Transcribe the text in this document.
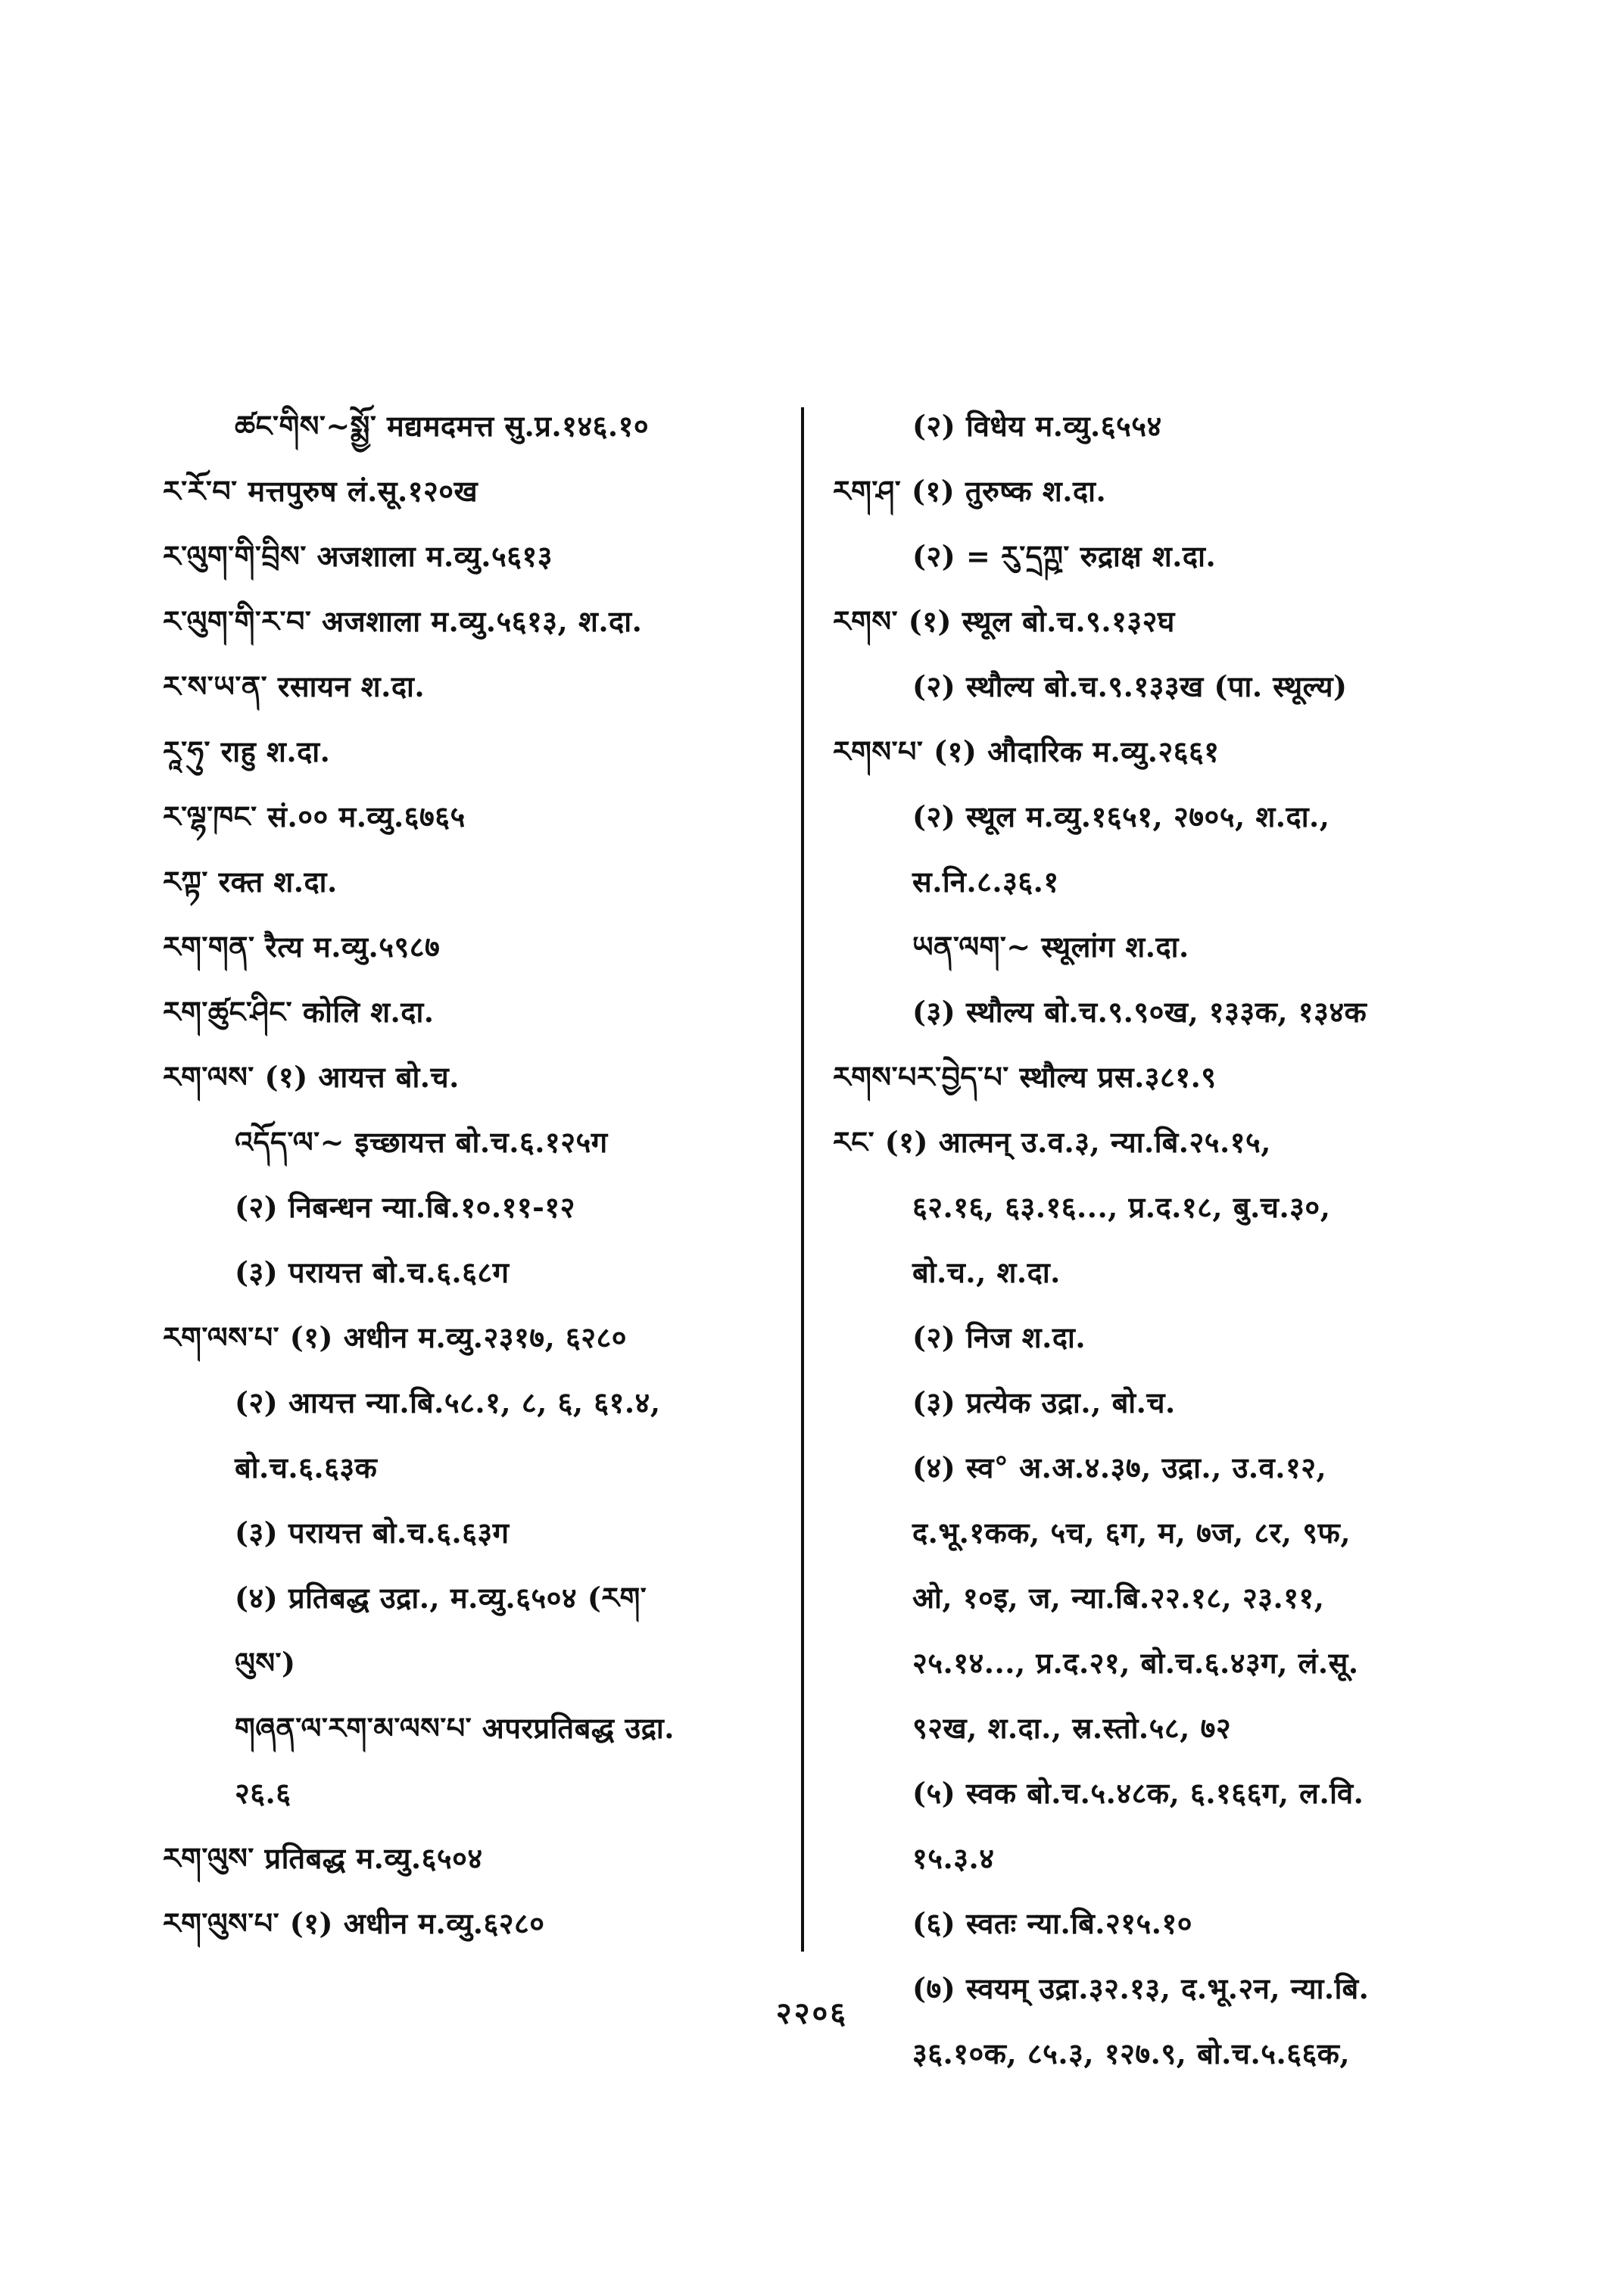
ཚང་གིས་~སྨྱོ་ मद्यमदमत्त सु.प्र.१४६.१०
ར་རོ་བ་ मत्तपुरुष लं.सू.१२०ख
ར་ལུག་གི་བྲིས་ अजशाला म.व्यु.५६१३
ར་ལུག་གི་ར་བ་ अजशाला म.व्यु.५६१३, श.दा.
ར་ས་ཡ་ན་ रसायन श.दा.
རཱ་ཧུ་ राहु श.दा.
ར་ལྷ་ཁང་ सं.०० म.व्यु.६७६५
རཀྟ་ रक्त श.दा.
རག་གན་ रैत्य म.व्यु.५९८७
རག་ཚུང་ཤིང་ कोलि श.दा.
རག་ལས་ (१) आयत्त बो.च.
འདོད་ལ་~ इच्छायत्त बो.च.६.१२५ग
(२) निबन्धन न्या.बि.१०.११-१२
(३) परायत्त बो.च.६.६८ग
རག་ལས་པ་ (१) अधीन म.व्यु.२३१७, ६२८०
(२) आयत्त न्या.बि.५८.१, ८, ६, ६१.४,
बो.च.६.६३क
(३) परायत्त बो.च.६.६३ग
(४) प्रतिबद्ध उद्रा., म.व्यु.६५०४ (རག་
ལུས་)
གཞན་ལ་རག་མ་ལས་པ་ अपरप्रतिबद्ध उद्रा.
२६.६
རག་ལུས་ प्रतिबद्ध म.व्यु.६५०४
རག་ལུས་པ་ (१) अधीन म.व्यु.६२८०
(२) विधेय म.व्यु.६५५४
རག་ཤ་ (१) तुरुष्क श.दा.
(२) = རུ་དྲཀྵ་ रुद्राक्ष श.दा.
རགས་ (१) स्थूल बो.च.९.१३२घ
(२) स्थौल्य बो.च.९.१३३ख (पा. स्थूल्य)
རགས་པ་ (१) औदारिक म.व्यु.२६६१
(२) स्थूल म.व्यु.१६५१, २७०५, श.दा.,
स.नि.८.३६.१
ཡན་ལག་~ स्थूलांग श.दा.
(३) स्थौल्य बो.च.९.९०ख, १३३क, १३४क
རགས་པར་བྱེད་པ་ स्थौल्य प्रस.३८१.९
རང་ (१) आत्मन् उ.व.३, न्या.बि.२५.१५,
६२.१६, ६३.१६..., प्र.द.१८, बु.च.३०,
बो.च., श.दा.
(२) निज श.दा.
(३) प्रत्येक उद्रा., बो.च.
(४) स्व° अ.अ.४.३७, उद्रा., उ.व.१२,
द.भू.१कक, ५च, ६ग, म, ७ज, ८र, ९फ,
ओ, १०इ, ज, न्या.बि.२२.१८, २३.११,
२५.१४..., प्र.द.२१, बो.च.६.४३ग, लं.सू.
९२ख, श.दा., स्र.स्तो.५८, ७२
(५) स्वक बो.च.५.४८क, ६.१६६ग, ल.वि.
१५.३.४
(६) स्वतः न्या.बि.२१५.१०
(७) स्वयम् उद्रा.३२.१३, द.भू.२न, न्या.बि.
३६.१०क, ८५.३, १२७.९, बो.च.५.६६क,
२२०६
